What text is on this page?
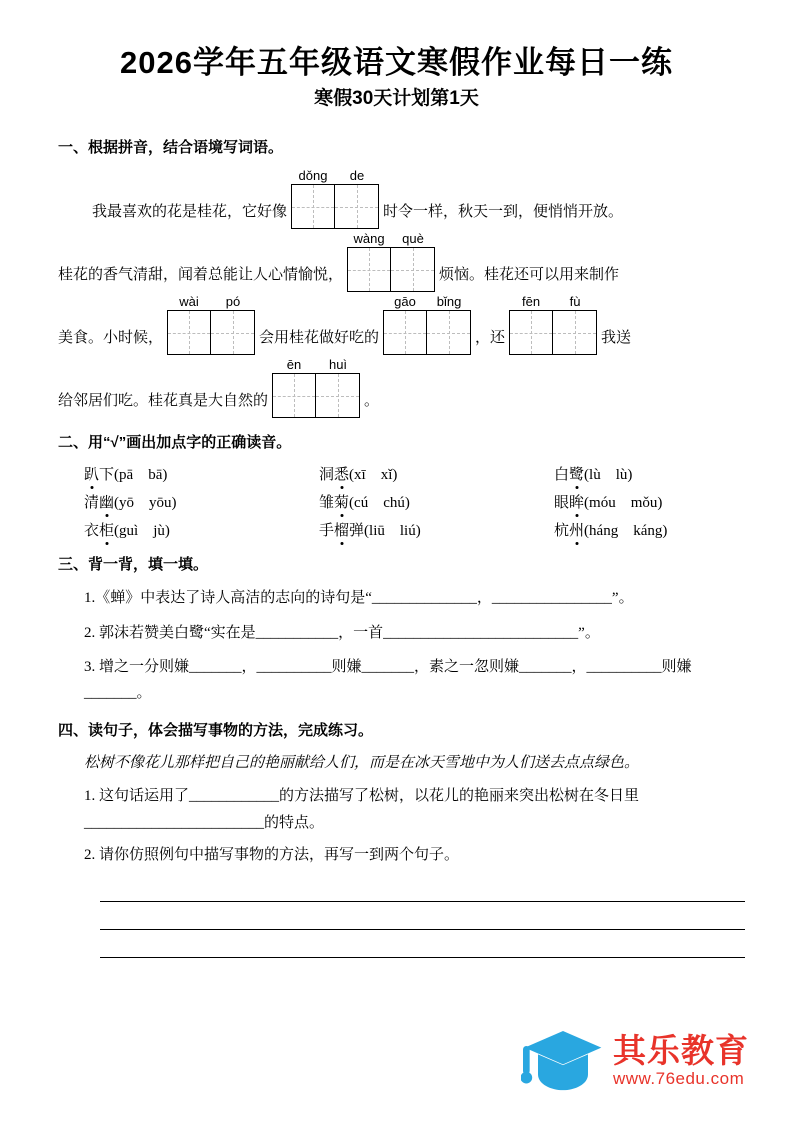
2026学年五年级语文寒假作业每日一练
寒假30天计划第1天
一、根据拼音，结合语境写词语。
我最喜欢的花是桂花，它好像
dǒng	de
时令一样，秋天一到，便悄悄开放。
桂花的香气清甜，闻着总能让人心情愉悦，
wàng	què
烦恼。桂花还可以用来制作
美食。小时候，
wài	pó
会用桂花做好吃的
gāo	bǐng
，还
fēn	fù
我送
给邻居们吃。桂花真是大自然的
ēn	huì
。
二、用“√”画出加点字的正确读音。
趴下(pā　bā)	洞悉(xī　xǐ)	白鹭(lù　lù)
清幽(yō　yōu)	雏菊(cú　chú)	眼眸(móu　mǒu)
衣柜(guì　jù)	手榴弹(liū　liú)	杭州(háng　káng)
三、背一背，填一填。
1.《蝉》中表达了诗人高洁的志向的诗句是“______________，________________”。
2. 郭沫若赞美白鹭“实在是___________，一首__________________________”。
3. 增之一分则嫌_______，__________则嫌_______，素之一忽则嫌_______，__________则嫌_______。
四、读句子，体会描写事物的方法，完成练习。
松树不像花儿那样把自己的艳丽献给人们，而是在冰天雪地中为人们送去点点绿色。
1. 这句话运用了____________的方法描写了松树，以花儿的艳丽来突出松树在冬日里________________________的特点。
2. 请你仿照例句中描写事物的方法，再写一到两个句子。
其乐教育
www.76edu.com
